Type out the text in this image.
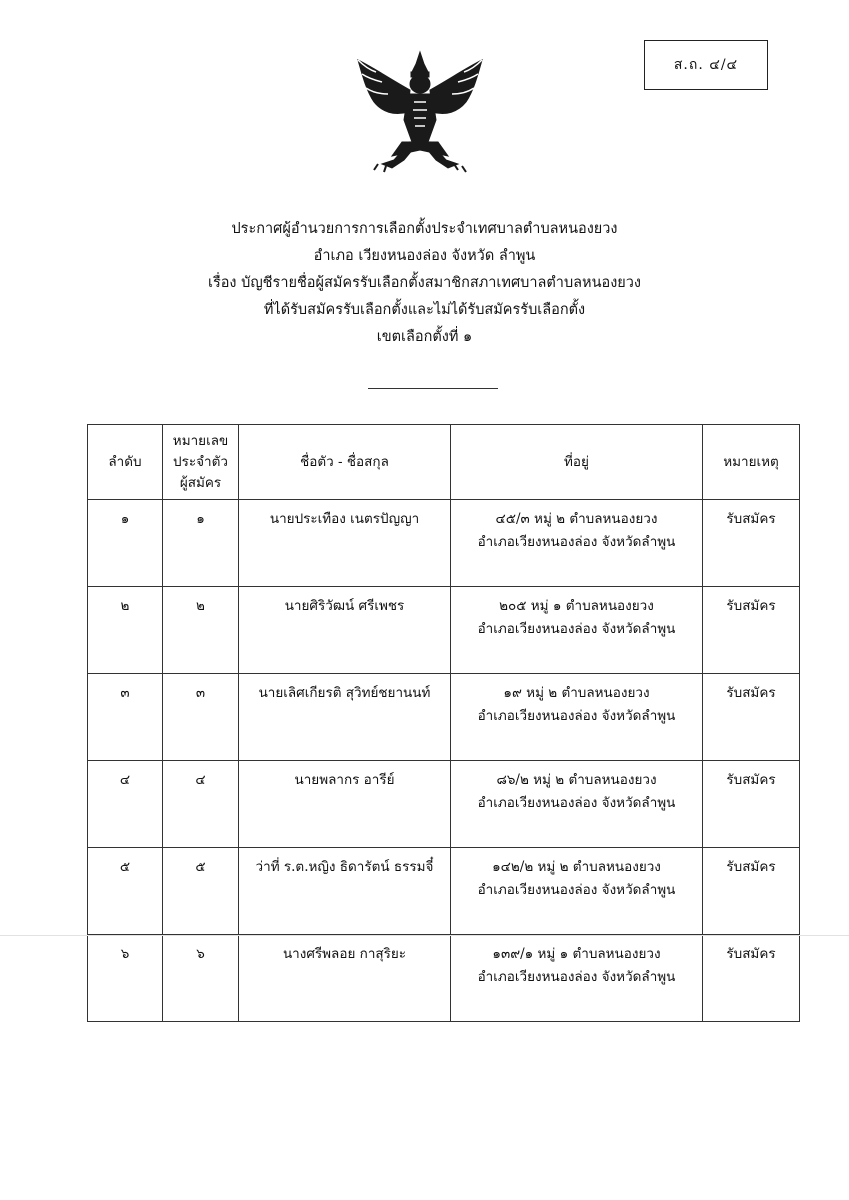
ส.ถ. ๔/๔
ประกาศผู้อำนวยการการเลือกตั้งประจำเทศบาลตำบลหนองยวง
อำเภอ เวียงหนองล่อง จังหวัด ลำพูน
เรื่อง บัญชีรายชื่อผู้สมัครรับเลือกตั้งสมาชิกสภาเทศบาลตำบลหนองยวง
ที่ได้รับสมัครรับเลือกตั้งและไม่ได้รับสมัครรับเลือกตั้ง
เขตเลือกตั้งที่ ๑
ลำดับ	หมายเลข
ประจำตัว
ผู้สมัคร	ชื่อตัว - ชื่อสกุล	ที่อยู่	หมายเหตุ
๑	๑	นายประเทือง เนตรปัญญา	๔๕/๓ หมู่ ๒ ตำบลหนองยวง
อำเภอเวียงหนองล่อง จังหวัดลำพูน	รับสมัคร
๒	๒	นายศิริวัฒน์ ศรีเพชร	๒๐๕ หมู่ ๑ ตำบลหนองยวง
อำเภอเวียงหนองล่อง จังหวัดลำพูน	รับสมัคร
๓	๓	นายเลิศเกียรติ สุวิทย์ชยานนท์	๑๙ หมู่ ๒ ตำบลหนองยวง
อำเภอเวียงหนองล่อง จังหวัดลำพูน	รับสมัคร
๔	๔	นายพลากร อารีย์	๘๖/๒ หมู่ ๒ ตำบลหนองยวง
อำเภอเวียงหนองล่อง จังหวัดลำพูน	รับสมัคร
๕	๕	ว่าที่ ร.ต.หญิง ธิดารัตน์ ธรรมจี๋	๑๔๒/๒ หมู่ ๒ ตำบลหนองยวง
อำเภอเวียงหนองล่อง จังหวัดลำพูน	รับสมัคร
๖	๖	นางศรีพลอย กาสุริยะ	๑๓๙/๑ หมู่ ๑ ตำบลหนองยวง
อำเภอเวียงหนองล่อง จังหวัดลำพูน	รับสมัคร
